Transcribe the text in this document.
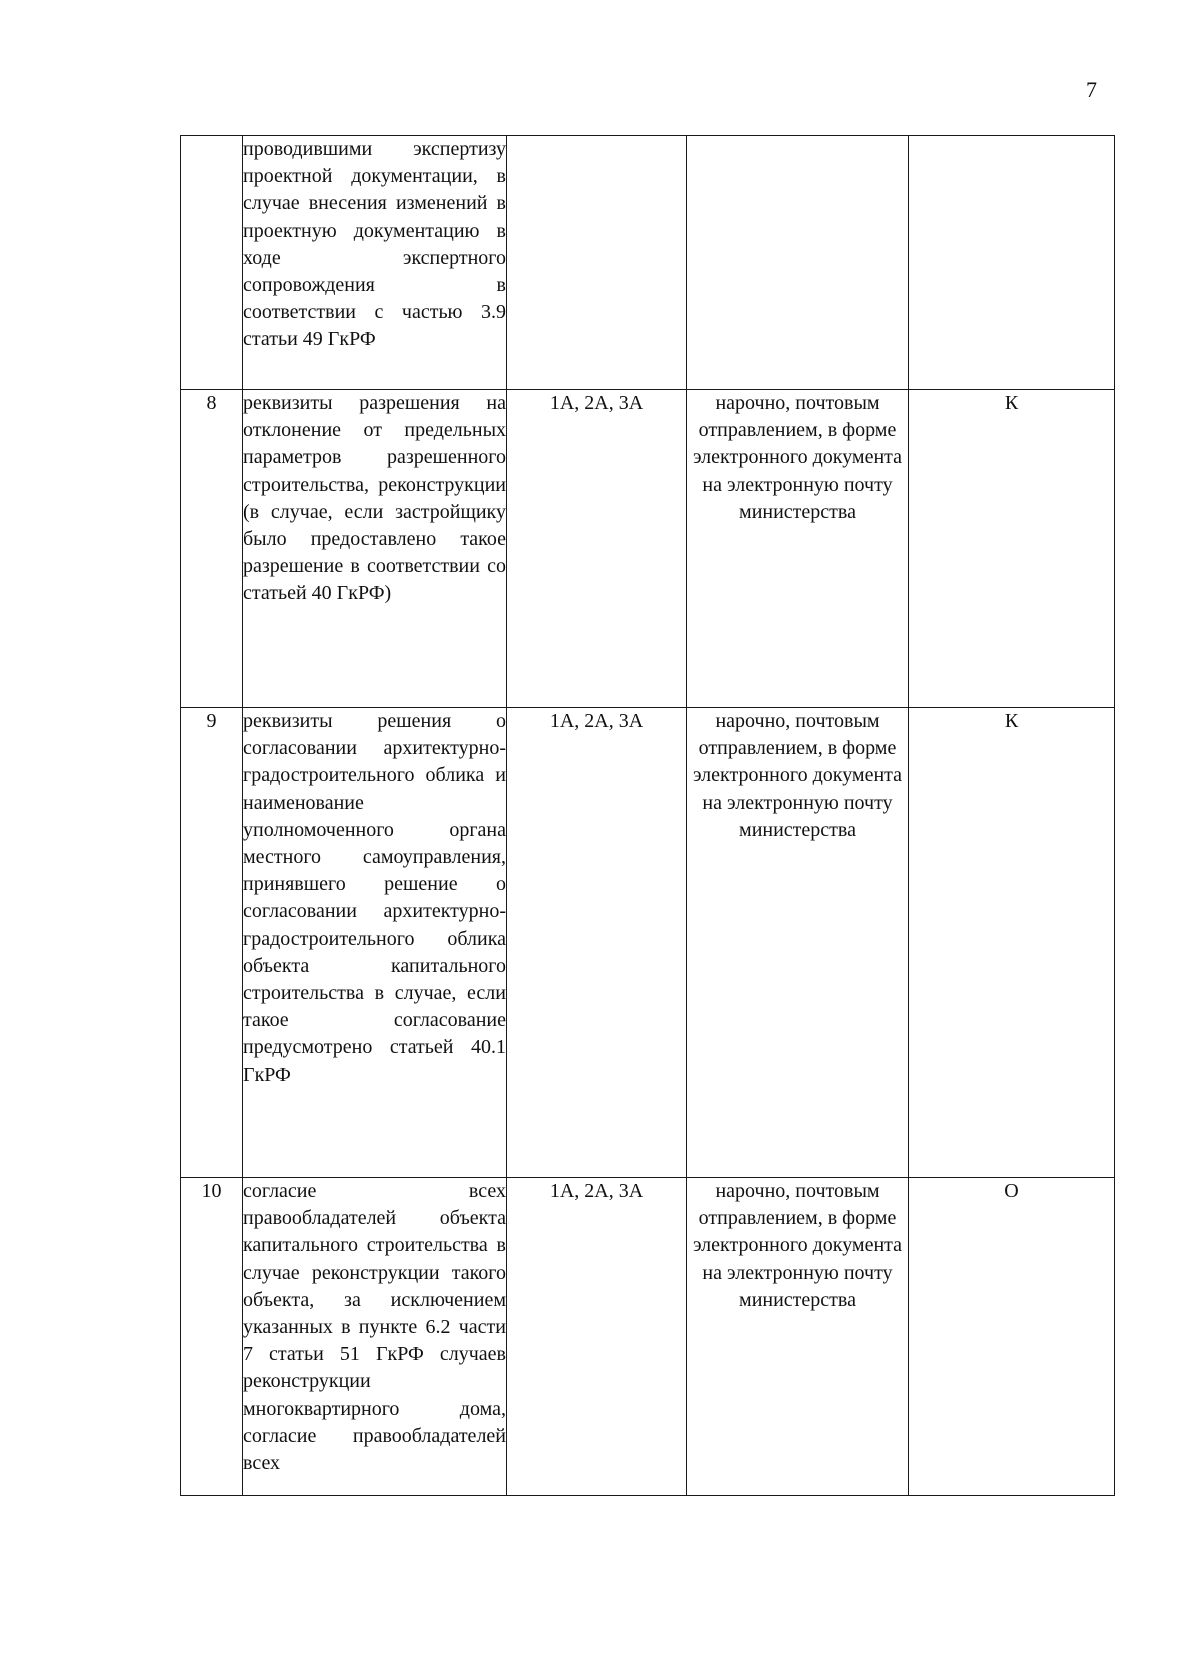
7

	проводившими экспертизу проектной документации, в случае внесения изменений в проектную документацию в ходе экспертного сопровождения в соответствии с частью 3.9 статьи 49 ГкРФ			

8	реквизиты разрешения на отклонение от предельных параметров разрешенного строительства, реконструкции (в случае, если застройщику было предоставлено такое разрешение в соответствии со статьей 40 ГкРФ)	1А, 2А, 3А	нарочно, почтовым отправлением, в форме электронного документа на электронную почту министерства	К
9	реквизиты решения о согласовании архитектурно-градостроительного облика и наименование уполномоченного органа местного самоуправления, принявшего решение о согласовании архитектурно-градостроительного облика объекта капитального строительства в случае, если такое согласование предусмотрено статьей 40.1 ГкРФ	1А, 2А, 3А	нарочно, почтовым отправлением, в форме электронного документа на электронную почту министерства	К
10	согласие всех правообладателей объекта капитального строительства в случае реконструкции такого объекта, за исключением указанных в пункте 6.2 части 7 статьи 51 ГкРФ случаев реконструкции многоквартирного дома, согласие правообладателей всех	1А, 2А, 3А	нарочно, почтовым отправлением, в форме электронного документа на электронную почту министерства	О
